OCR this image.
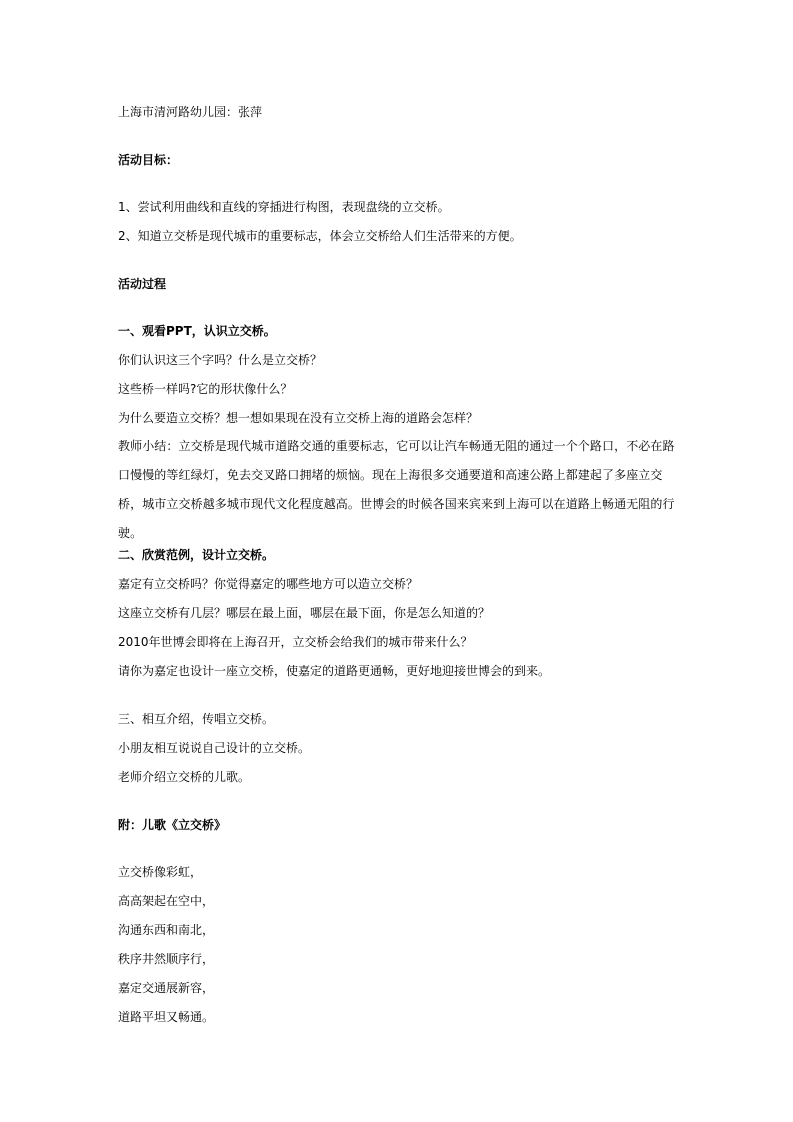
上海市清河路幼儿园：张萍
活动目标：
1、尝试利用曲线和直线的穿插进行构图，表现盘绕的立交桥。
2、知道立交桥是现代城市的重要标志，体会立交桥给人们生活带来的方便。
活动过程
一、观看PPT，认识立交桥。
你们认识这三个字吗？什么是立交桥？
这些桥一样吗?它的形状像什么？
为什么要造立交桥？想一想如果现在没有立交桥上海的道路会怎样？
教师小结：立交桥是现代城市道路交通的重要标志，它可以让汽车畅通无阻的通过一个个路口，不必在路口慢慢的等红绿灯，免去交叉路口拥堵的烦恼。现在上海很多交通要道和高速公路上都建起了多座立交桥，城市立交桥越多城市现代文化程度越高。世博会的时候各国来宾来到上海可以在道路上畅通无阻的行驶。
二、欣赏范例，设计立交桥。
嘉定有立交桥吗？你觉得嘉定的哪些地方可以造立交桥？
这座立交桥有几层？哪层在最上面，哪层在最下面，你是怎么知道的？
2010年世博会即将在上海召开，立交桥会给我们的城市带来什么？
请你为嘉定也设计一座立交桥，使嘉定的道路更通畅，更好地迎接世博会的到来。
三、相互介绍，传唱立交桥。
小朋友相互说说自己设计的立交桥。
老师介绍立交桥的儿歌。
附：儿歌《立交桥》
立交桥像彩虹，
高高架起在空中，
沟通东西和南北，
秩序井然顺序行，
嘉定交通展新容，
道路平坦又畅通。
